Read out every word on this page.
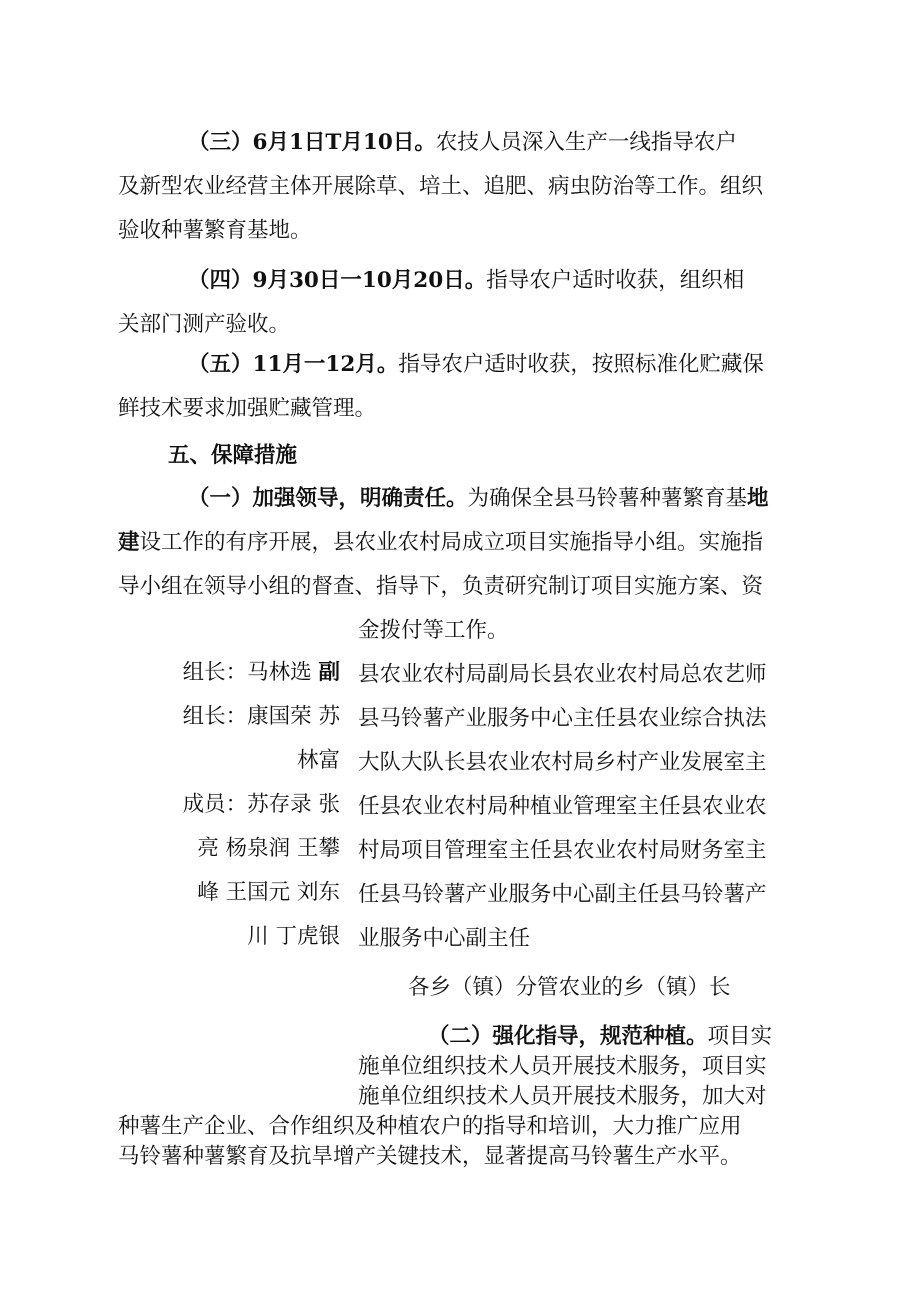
（三）6月1日T月10日。农技人员深入生产一线指导农户
及新型农业经营主体开展除草、培土、追肥、病虫防治等工作。组织
验收种薯繁育基地。
（四）9月30日一10月20日。指导农户适时收获，组织相
关部门测产验收。
（五）11月一12月。指导农户适时收获，按照标准化贮藏保
鲜技术要求加强贮藏管理。
五、保障措施
（一）加强领导，明确责任。为确保全县马铃薯种薯繁育基地
建设工作的有序开展，县农业农村局成立项目实施指导小组。实施指
导小组在领导小组的督查、指导下，负责研究制订项目实施方案、资
金拨付等工作。
组长：马林选 副
组长：康国荣 苏
林富
成员：苏存录 张
亮 杨泉润 王攀
峰 王国元 刘东
川 丁虎银
县农业农村局副局长县农业农村局总农艺师
县马铃薯产业服务中心主任县农业综合执法
大队大队长县农业农村局乡村产业发展室主
任县农业农村局种植业管理室主任县农业农
村局项目管理室主任县农业农村局财务室主
任县马铃薯产业服务中心副主任县马铃薯产
业服务中心副主任
各乡（镇）分管农业的乡（镇）长
（二）强化指导，规范种植。项目实
施单位组织技术人员开展技术服务，项目实
施单位组织技术人员开展技术服务，加大对
种薯生产企业、合作组织及种植农户的指导和培训，大力推广应用
马铃薯种薯繁育及抗旱增产关键技术，显著提高马铃薯生产水平。
